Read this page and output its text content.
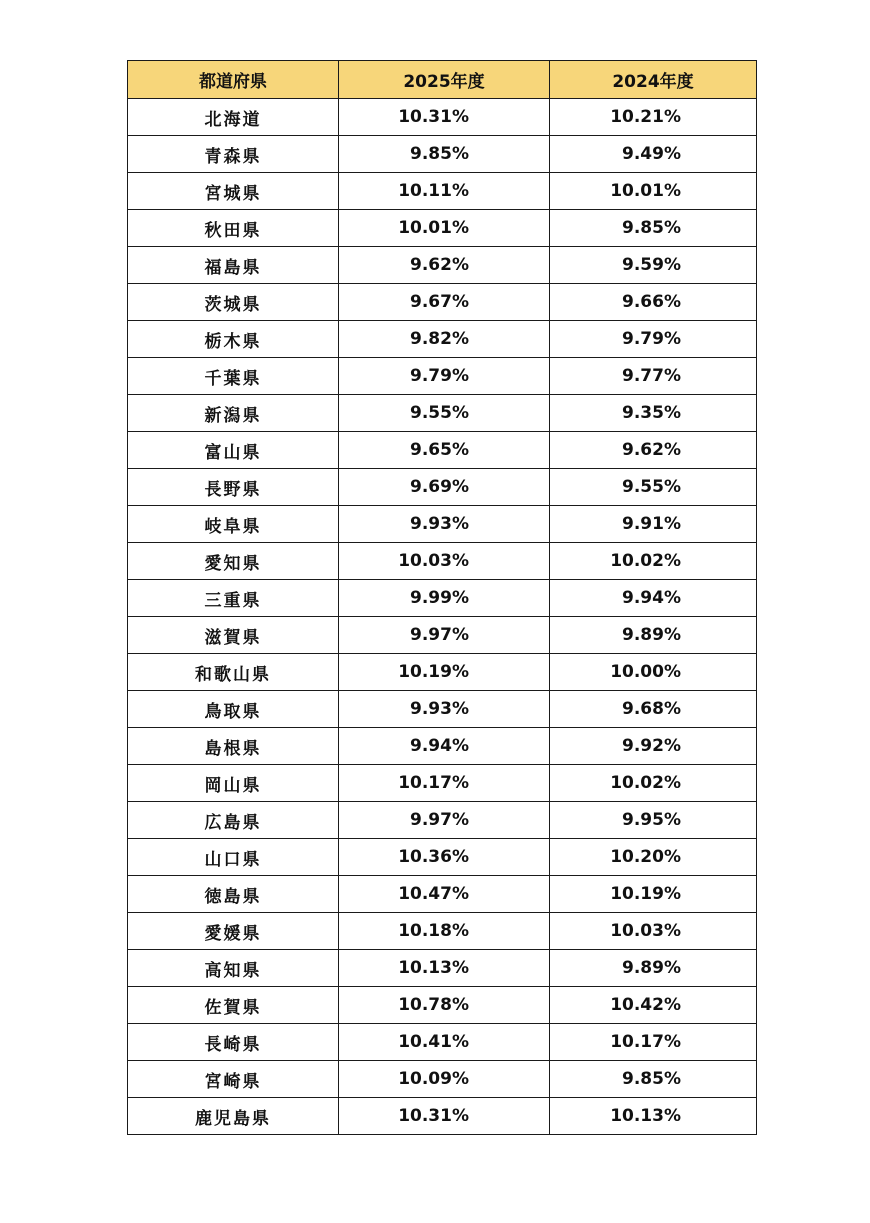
都道府県	2025年度	2024年度
北海道	10.31%	10.21%
青森県	9.85%	9.49%
宮城県	10.11%	10.01%
秋田県	10.01%	9.85%
福島県	9.62%	9.59%
茨城県	9.67%	9.66%
栃木県	9.82%	9.79%
千葉県	9.79%	9.77%
新潟県	9.55%	9.35%
富山県	9.65%	9.62%
長野県	9.69%	9.55%
岐阜県	9.93%	9.91%
愛知県	10.03%	10.02%
三重県	9.99%	9.94%
滋賀県	9.97%	9.89%
和歌山県	10.19%	10.00%
鳥取県	9.93%	9.68%
島根県	9.94%	9.92%
岡山県	10.17%	10.02%
広島県	9.97%	9.95%
山口県	10.36%	10.20%
徳島県	10.47%	10.19%
愛媛県	10.18%	10.03%
高知県	10.13%	9.89%
佐賀県	10.78%	10.42%
長崎県	10.41%	10.17%
宮崎県	10.09%	9.85%
鹿児島県	10.31%	10.13%
